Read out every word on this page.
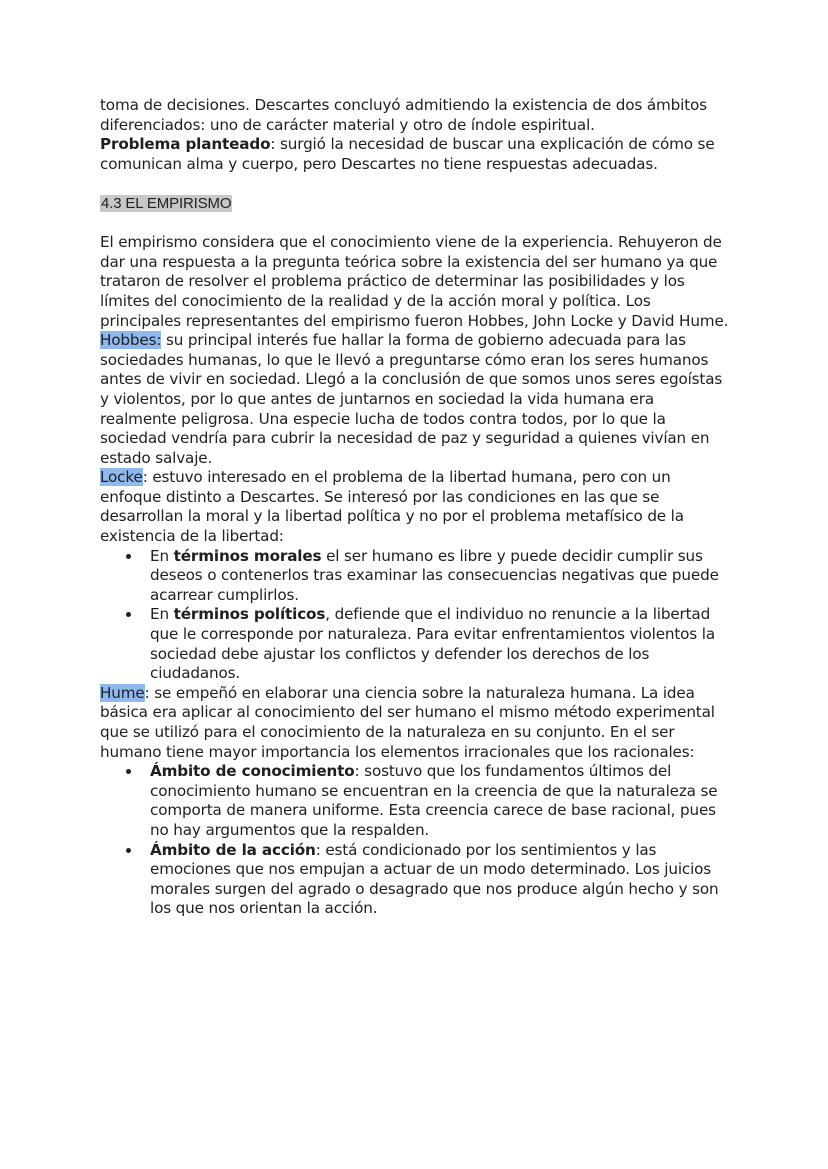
toma de decisiones. Descartes concluyó admitiendo la existencia de dos ámbitos diferenciados: uno de carácter material y otro de índole espiritual.
Problema planteado: surgió la necesidad de buscar una explicación de cómo se comunican alma y cuerpo, pero Descartes no tiene respuestas adecuadas.

4.3 EL EMPIRISMO

El empirismo considera que el conocimiento viene de la experiencia. Rehuyeron de dar una respuesta a la pregunta teórica sobre la existencia del ser humano ya que trataron de resolver el problema práctico de determinar las posibilidades y los límites del conocimiento de la realidad y de la acción moral y política. Los principales representantes del empirismo fueron Hobbes, John Locke y David Hume.

Hobbes: su principal interés fue hallar la forma de gobierno adecuada para las sociedades humanas, lo que le llevó a preguntarse cómo eran los seres humanos antes de vivir en sociedad. Llegó a la conclusión de que somos unos seres egoístas y violentos, por lo que antes de juntarnos en sociedad la vida humana era realmente peligrosa. Una especie lucha de todos contra todos, por lo que la sociedad vendría para cubrir la necesidad de paz y seguridad a quienes vivían en estado salvaje.

Locke: estuvo interesado en el problema de la libertad humana, pero con un enfoque distinto a Descartes. Se interesó por las condiciones en las que se desarrollan la moral y la libertad política y no por el problema metafísico de la existencia de la libertad:

En términos morales el ser humano es libre y puede decidir cumplir sus deseos o contenerlos tras examinar las consecuencias negativas que puede acarrear cumplirlos.
En términos políticos, defiende que el individuo no renuncie a la libertad que le corresponde por naturaleza. Para evitar enfrentamientos violentos la sociedad debe ajustar los conflictos y defender los derechos de los ciudadanos.

Hume: se empeñó en elaborar una ciencia sobre la naturaleza humana. La idea básica era aplicar al conocimiento del ser humano el mismo método experimental que se utilizó para el conocimiento de la naturaleza en su conjunto. En el ser humano tiene mayor importancia los elementos irracionales que los racionales:

Ámbito de conocimiento: sostuvo que los fundamentos últimos del conocimiento humano se encuentran en la creencia de que la naturaleza se comporta de manera uniforme. Esta creencia carece de base racional, pues no hay argumentos que la respalden.
Ámbito de la acción: está condicionado por los sentimientos y las emociones que nos empujan a actuar de un modo determinado. Los juicios morales surgen del agrado o desagrado que nos produce algún hecho y son los que nos orientan la acción.
